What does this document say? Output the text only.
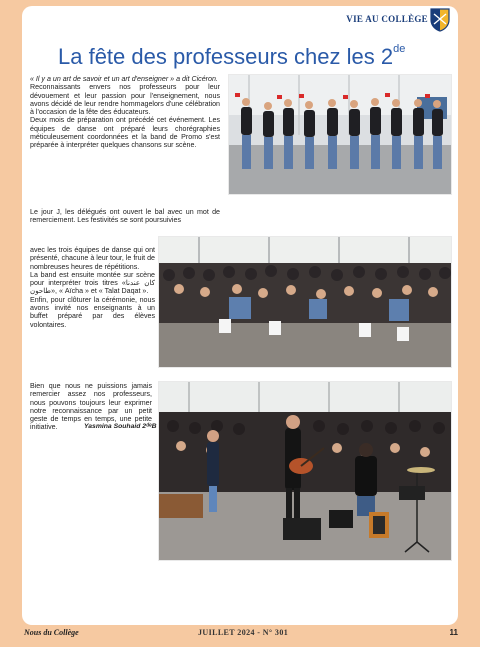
VIE AU COLLÈGE
La fête des professeurs chez les 2de

« Il y a un art de savoir et un art d'enseigner » a dit Cicéron.

Reconnaissants envers nos professeurs pour leur dévouement et leur passion pour l'enseignement, nous avons décidé de leur rendre hommagelors d'une célébration à l'occasion de la fête des éducateurs.

Deux mois de préparation ont précédé cet événement. Les équipes de danse ont préparé leurs chorégraphies méticuleusement coordonnées et la band de Promo s'est préparée à interpréter quelques chansons sur scène.

Le jour J, les délégués ont ouvert le bal avec un mot de remerciement. Les festivités se sont poursuivies

avec les trois équipes de danse qui ont présenté, chacune à leur tour, le fruit de nombreuses heures de répétitions.

La band est ensuite montée sur scène pour interpréter trois titres «كان عندنا طاحون», « Aïcha » et « Talat Daqat ».

Enfin, pour clôturer la cérémonie, nous avons invité nos enseignants à un buffet préparé par des élèves volontaires.

Bien que nous ne puissions jamais remercier assez nos professeurs, nous pouvons toujours leur exprimer notre reconnaissance par un petit geste de temps en temps, une petite initiative.	Yasmina Souhaid 2ᵈᵉB
Nous du Collège	JUILLET 2024 - N° 301	11
